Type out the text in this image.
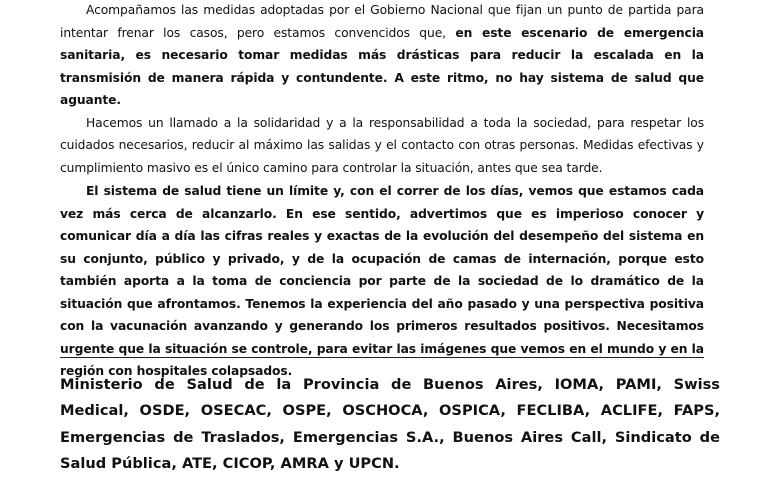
Acompañamos las medidas adoptadas por el Gobierno Nacional que fijan un punto de partida para intentar frenar los casos, pero estamos convencidos que, en este escenario de emergencia sanitaria, es necesario tomar medidas más drásticas para reducir la escalada en la transmisión de manera rápida y contundente. A este ritmo, no hay sistema de salud que aguante.

Hacemos un llamado a la solidaridad y a la responsabilidad a toda la sociedad, para respetar los cuidados necesarios, reducir al máximo las salidas y el contacto con otras personas. Medidas efectivas y cumplimiento masivo es el único camino para controlar la situación, antes que sea tarde.

El sistema de salud tiene un límite y, con el correr de los días, vemos que estamos cada vez más cerca de alcanzarlo. En ese sentido, advertimos que es imperioso conocer y comunicar día a día las cifras reales y exactas de la evolución del desempeño del sistema en su conjunto, público y privado, y de la ocupación de camas de internación, porque esto también aporta a la toma de conciencia por parte de la sociedad de lo dramático de la situación que afrontamos. Tenemos la experiencia del año pasado y una perspectiva positiva con la vacunación avanzando y generando los primeros resultados positivos. Necesitamos urgente que la situación se controle, para evitar las imágenes que vemos en el mundo y en la región con hospitales colapsados.

Ministerio de Salud de la Provincia de Buenos Aires, IOMA, PAMI, Swiss Medical, OSDE, OSECAC, OSPE, OSCHOCA, OSPICA, FECLIBA, ACLIFE, FAPS, Emergencias de Traslados, Emergencias S.A., Buenos Aires Call, Sindicato de Salud Pública, ATE, CICOP, AMRA y UPCN.
